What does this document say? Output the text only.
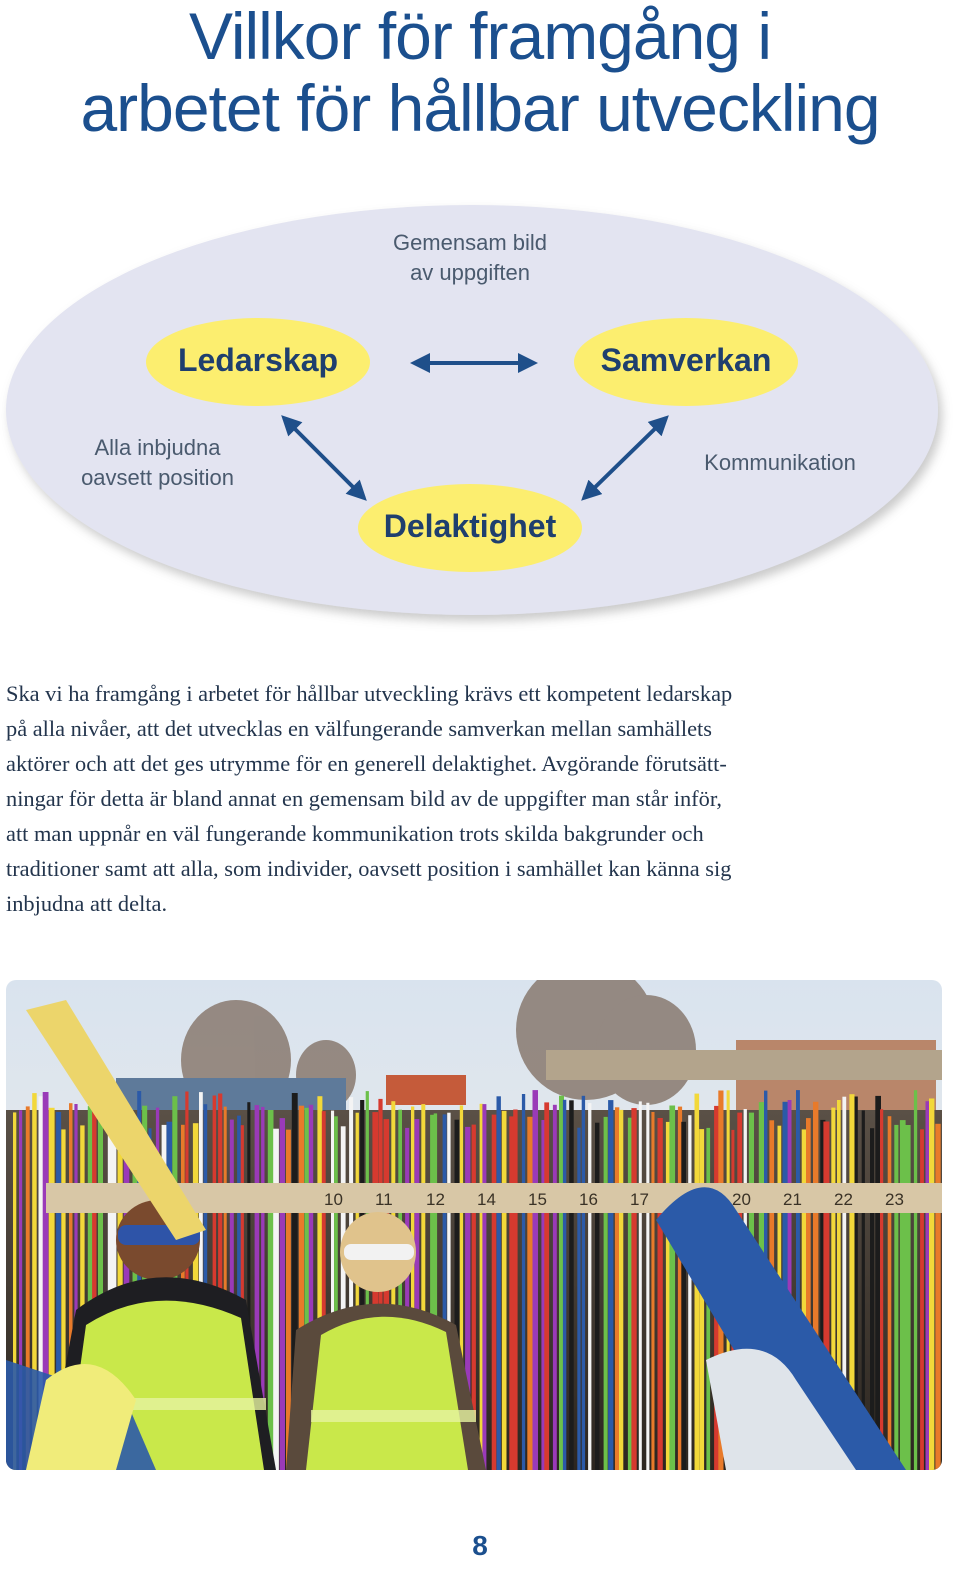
Villkor för framgång i
arbetet för hållbar utveckling
Gemensam bild
av uppgiften
Alla inbjudna
oavsett position
Kommunikation
Ledarskap	Samverkan
Delaktighet
Ska vi ha framgång i arbetet för hållbar utveckling krävs ett kompetent ledarskap
på alla nivåer, att det utvecklas en välfungerande samverkan mellan samhällets
aktörer och att det ges utrymme för en generell delaktighet. Avgörande förutsätt-
ningar för detta är bland annat en gemensam bild av de uppgifter man står inför,
att man uppnår en väl fungerande kommunikation trots skilda bakgrunder och
traditioner samt att alla, som individer, oavsett position i samhället kan känna sig
inbjudna att delta.
10 11 12 14 15 16 17	20 21 22 23
8
